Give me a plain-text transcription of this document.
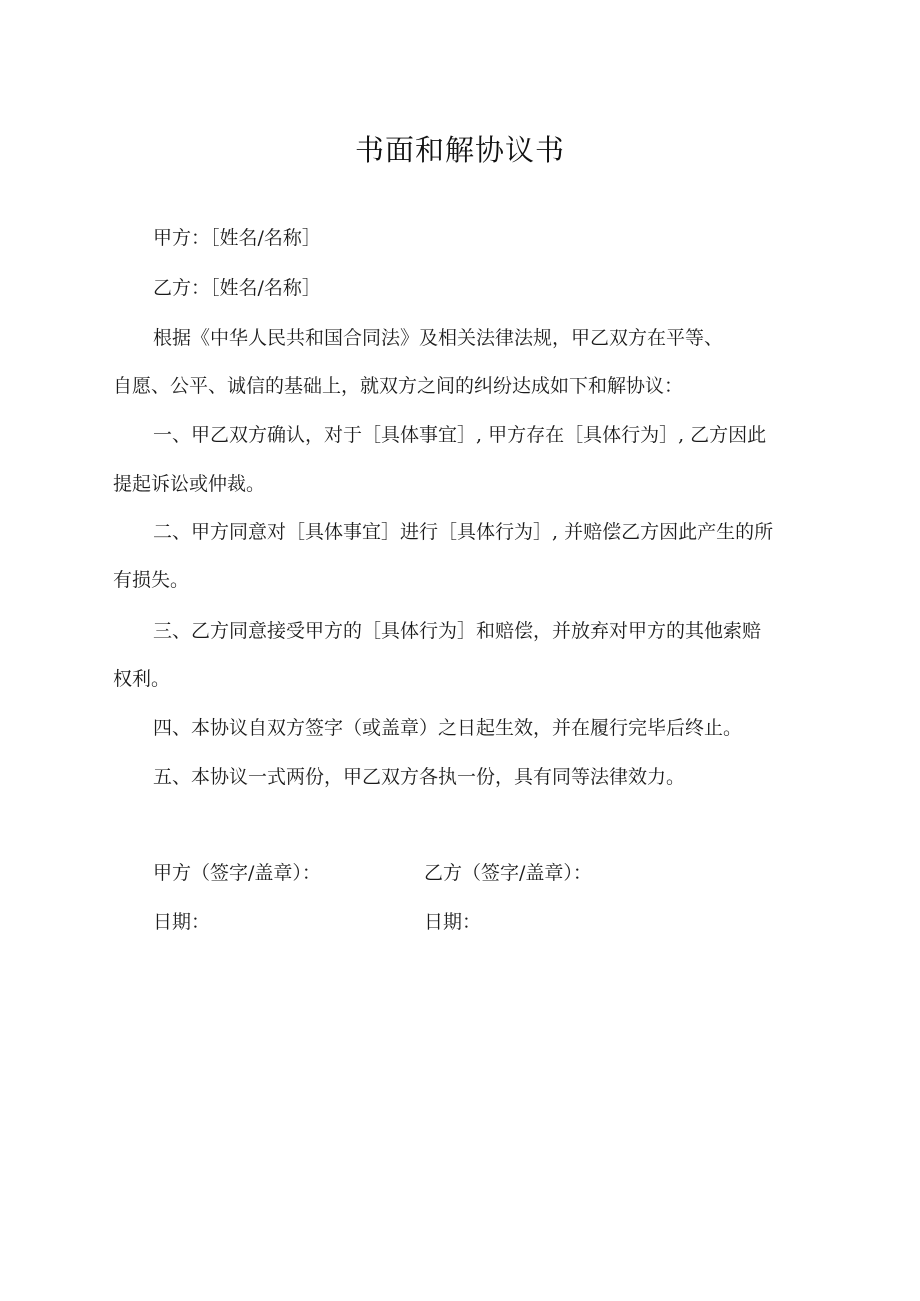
书面和解协议书
甲方：［姓名/名称］
乙方：［姓名/名称］
根据《中华人民共和国合同法》及相关法律法规，甲乙双方在平等、
自愿、公平、诚信的基础上，就双方之间的纠纷达成如下和解协议：
一、甲乙双方确认，对于［具体事宜］, 甲方存在［具体行为］, 乙方因此
提起诉讼或仲裁。
二、甲方同意对［具体事宜］进行［具体行为］, 并赔偿乙方因此产生的所
有损失。
三、乙方同意接受甲方的［具体行为］和赔偿，并放弃对甲方的其他索赔
权利。
四、本协议自双方签字（或盖章）之日起生效，并在履行完毕后终止。
五、本协议一式两份，甲乙双方各执一份，具有同等法律效力。
甲方（签字/盖章）：	乙方（签字/盖章）：
日期：	日期：
